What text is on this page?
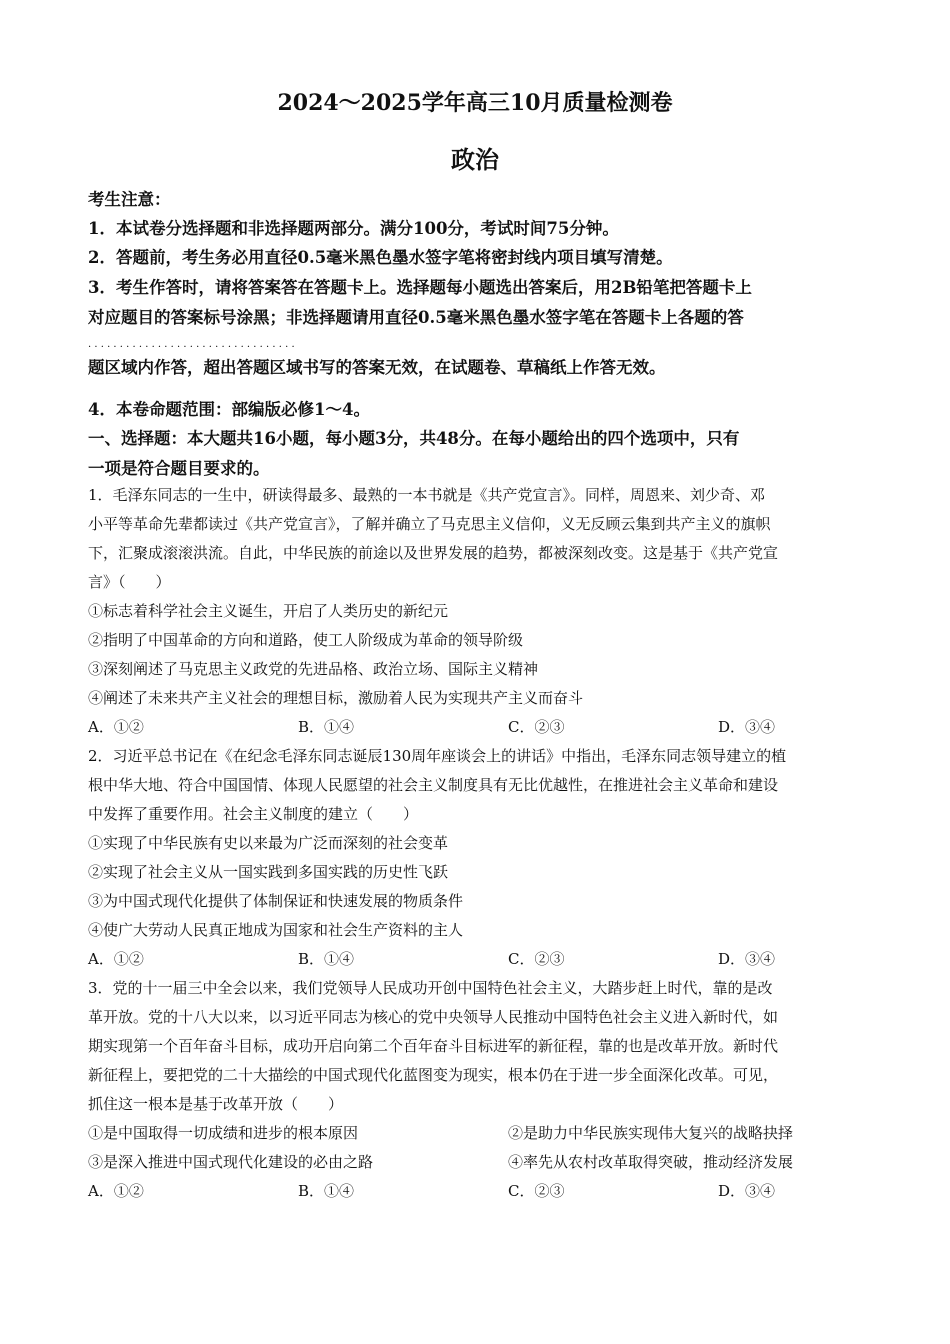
2024～2025学年高三10月质量检测卷
政治
考生注意：
1．本试卷分选择题和非选择题两部分。满分100分，考试时间75分钟。
2．答题前，考生务必用直径0.5毫米黑色墨水签字笔将密封线内项目填写清楚。
3．考生作答时，请将答案答在答题卡上。选择题每小题选出答案后，用2B铅笔把答题卡上
对应题目的答案标号涂黑；非选择题请用直径0.5毫米黑色墨水签字笔在答题卡上各题的答
· · · · · · · · · · · · · · · · · · · · · · · · · · · · · · · · ·
题区域内作答，超出答题区域书写的答案无效，在试题卷、草稿纸上作答无效。
4．本卷命题范围：部编版必修1～4。
一、选择题：本大题共16小题，每小题3分，共48分。在每小题给出的四个选项中，只有
一项是符合题目要求的。
1．毛泽东同志的一生中，研读得最多、最熟的一本书就是《共产党宣言》。同样，周恩来、刘少奇、邓
小平等革命先辈都读过《共产党宣言》，了解并确立了马克思主义信仰，义无反顾云集到共产主义的旗帜
下，汇聚成滚滚洪流。自此，中华民族的前途以及世界发展的趋势，都被深刻改变。这是基于《共产党宣
言》（　　）
①标志着科学社会主义诞生，开启了人类历史的新纪元
②指明了中国革命的方向和道路，使工人阶级成为革命的领导阶级
③深刻阐述了马克思主义政党的先进品格、政治立场、国际主义精神
④阐述了未来共产主义社会的理想目标，激励着人民为实现共产主义而奋斗
A．①②	B．①④	C．②③	D．③④
2．习近平总书记在《在纪念毛泽东同志诞辰130周年座谈会上的讲话》中指出，毛泽东同志领导建立的植
根中华大地、符合中国国情、体现人民愿望的社会主义制度具有无比优越性，在推进社会主义革命和建设
中发挥了重要作用。社会主义制度的建立（　　）
①实现了中华民族有史以来最为广泛而深刻的社会变革
②实现了社会主义从一国实践到多国实践的历史性飞跃
③为中国式现代化提供了体制保证和快速发展的物质条件
④使广大劳动人民真正地成为国家和社会生产资料的主人
A．①②	B．①④	C．②③	D．③④
3．党的十一届三中全会以来，我们党领导人民成功开创中国特色社会主义，大踏步赶上时代，靠的是改
革开放。党的十八大以来，以习近平同志为核心的党中央领导人民推动中国特色社会主义进入新时代，如
期实现第一个百年奋斗目标，成功开启向第二个百年奋斗目标进军的新征程，靠的也是改革开放。新时代
新征程上，要把党的二十大描绘的中国式现代化蓝图变为现实，根本仍在于进一步全面深化改革。可见，
抓住这一根本是基于改革开放（　　）
①是中国取得一切成绩和进步的根本原因	②是助力中华民族实现伟大复兴的战略抉择
③是深入推进中国式现代化建设的必由之路	④率先从农村改革取得突破，推动经济发展
A．①②	B．①④	C．②③	D．③④
